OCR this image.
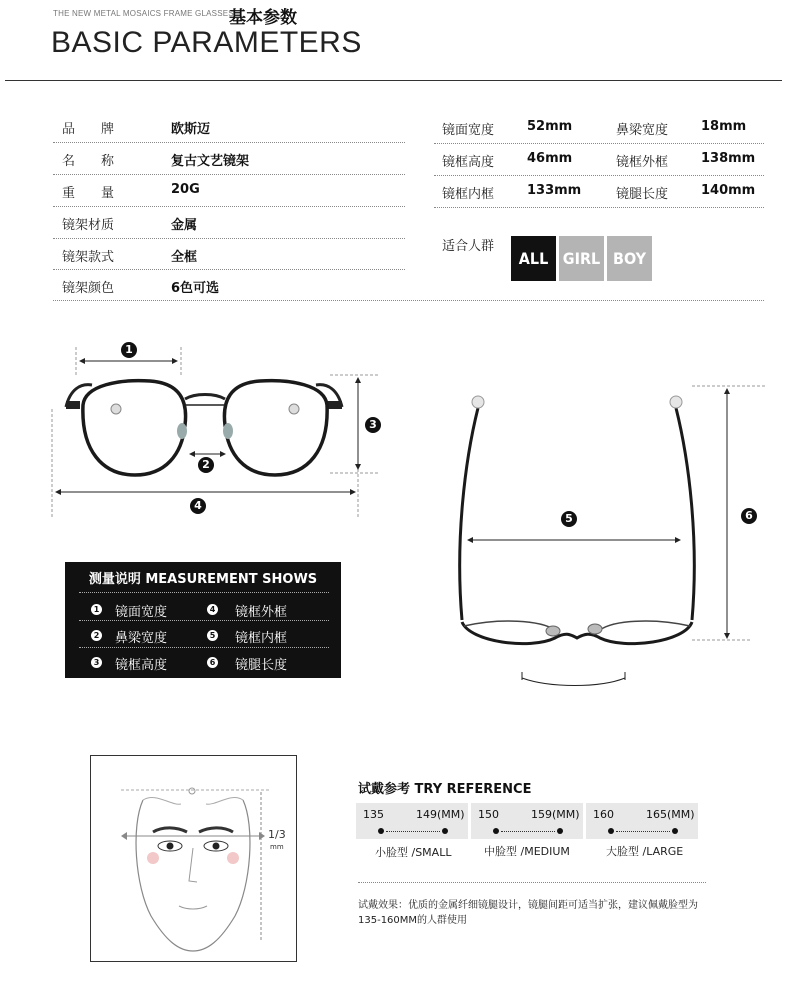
THE NEW METAL MOSAICS FRAME GLASSES
基本参数
BASIC PARAMETERS
品　　牌	欧斯迈
名　　称	复古文艺镜架
重　　量	20G
镜架材质	金属
镜架款式	全框
镜架颜色	6色可选
镜面宽度	52mm	鼻梁宽度	18mm
镜框高度	46mm	镜框外框	138mm
镜框内框	133mm	镜腿长度	140mm
适合人群
ALL GIRL BOY
1
2
3
4
5	6
测量说明 MEASUREMENT SHOWS
1 镜面宽度	4 镜框外框
2 鼻梁宽度	5 镜框内框
3 镜框高度	6 镜腿长度
1/3
mm
试戴参考 TRY REFERENCE
135	149(MM) 150	159(MM) 160	165(MM)
小脸型 /SMALL	中脸型 /MEDIUM	大脸型 /LARGE
试戴效果：优质的金属纤细镜腿设计，镜腿间距可适当扩张，建议佩戴脸型为135-160MM的人群使用
